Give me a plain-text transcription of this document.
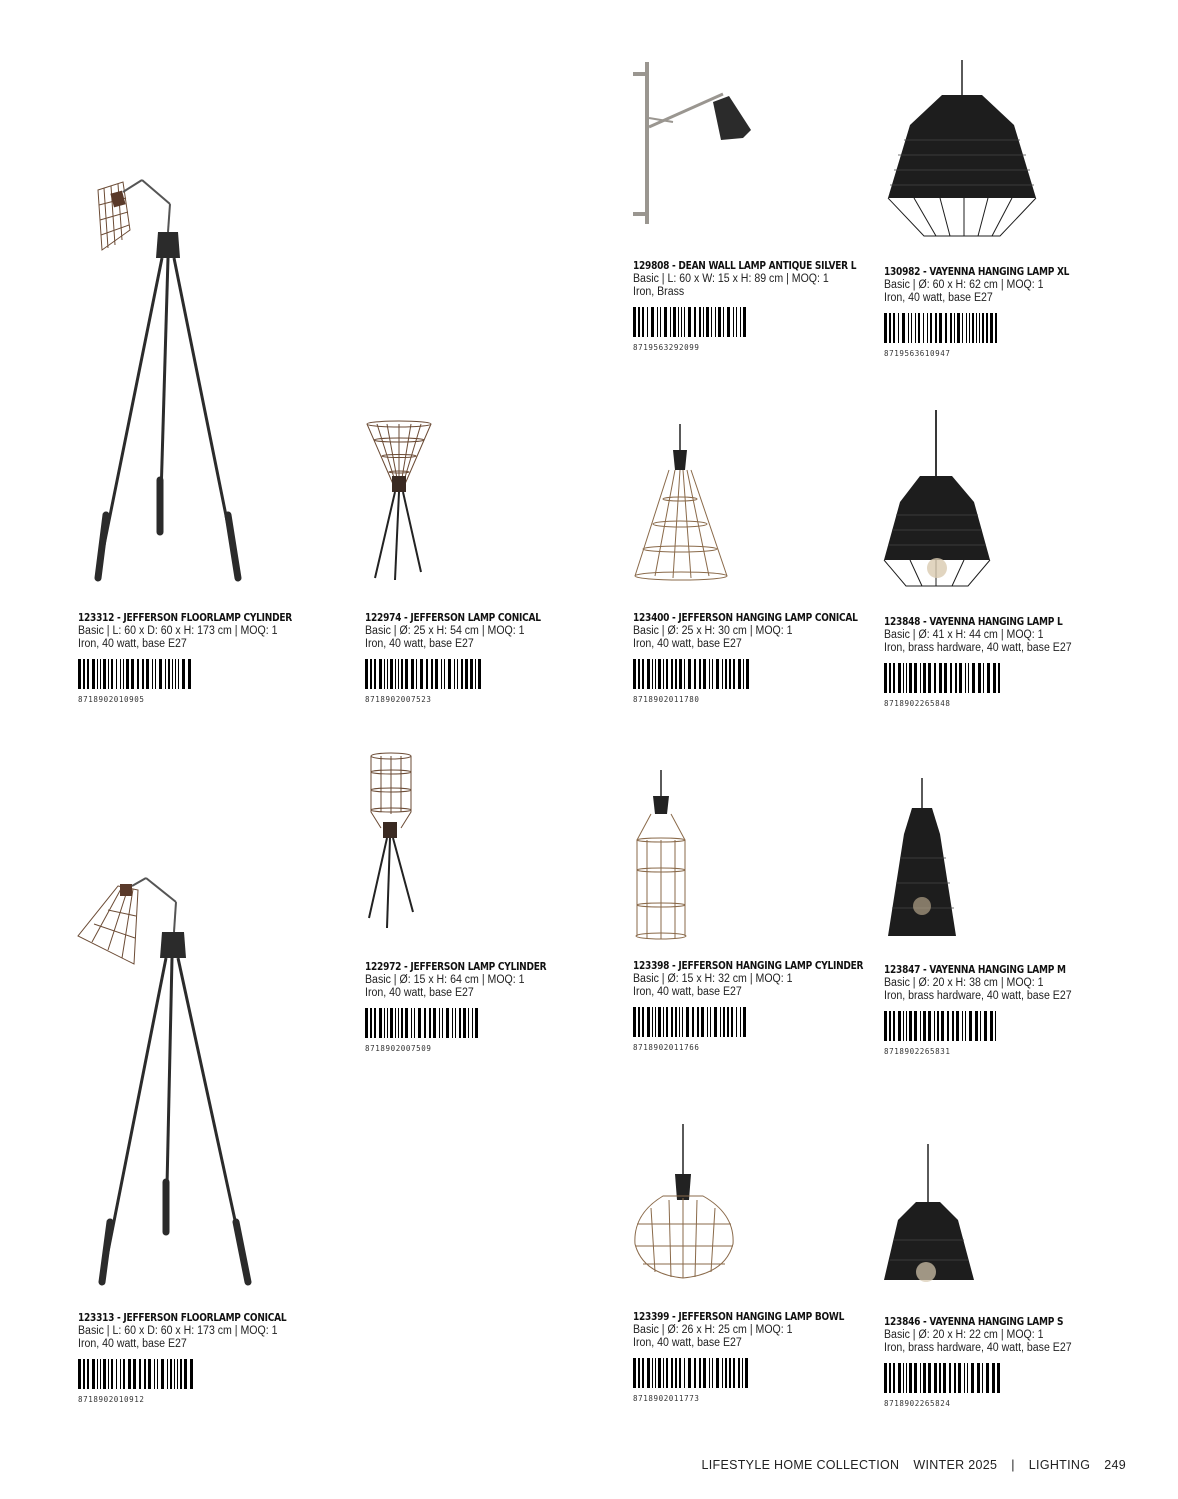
123312 - JEFFERSON FLOORLAMP CYLINDER
Basic | L: 60 x D: 60 x H: 173 cm | MOQ: 1
Iron, 40 watt, base E27
8718902010905
122974 - JEFFERSON LAMP CONICAL
Basic | Ø: 25 x H: 54 cm | MOQ: 1
Iron, 40 watt, base E27
8718902007523
129808 - DEAN WALL LAMP ANTIQUE SILVER L
Basic | L: 60 x W: 15 x H: 89 cm | MOQ: 1
Iron, Brass
8719563292099
130982 - VAYENNA HANGING LAMP XL
Basic | Ø: 60 x H: 62 cm | MOQ: 1
Iron, 40 watt, base E27
8719563610947
123400 - JEFFERSON HANGING LAMP CONICAL
Basic | Ø: 25 x H: 30 cm | MOQ: 1
Iron, 40 watt, base E27
8718902011780
123848 - VAYENNA HANGING LAMP L
Basic | Ø: 41 x H: 44 cm | MOQ: 1
Iron, brass hardware, 40 watt, base E27
8718902265848
122972 - JEFFERSON LAMP CYLINDER
Basic | Ø: 15 x H: 64 cm | MOQ: 1
Iron, 40 watt, base E27
8718902007509
123398 - JEFFERSON HANGING LAMP CYLINDER
Basic | Ø: 15 x H: 32 cm | MOQ: 1
Iron, 40 watt, base E27
8718902011766
123847 - VAYENNA HANGING LAMP M
Basic | Ø: 20 x H: 38 cm | MOQ: 1
Iron, brass hardware, 40 watt, base E27
8718902265831
123313 - JEFFERSON FLOORLAMP CONICAL
Basic | L: 60 x D: 60 x H: 173 cm | MOQ: 1
Iron, 40 watt, base E27
8718902010912
123399 - JEFFERSON HANGING LAMP BOWL
Basic | Ø: 26 x H: 25 cm | MOQ: 1
Iron, 40 watt, base E27
8718902011773
123846 - VAYENNA HANGING LAMP S
Basic | Ø: 20 x H: 22 cm | MOQ: 1
Iron, brass hardware, 40 watt, base E27
8718902265824
LIFESTYLE HOME COLLECTION WINTER 2025 | LIGHTING 249
